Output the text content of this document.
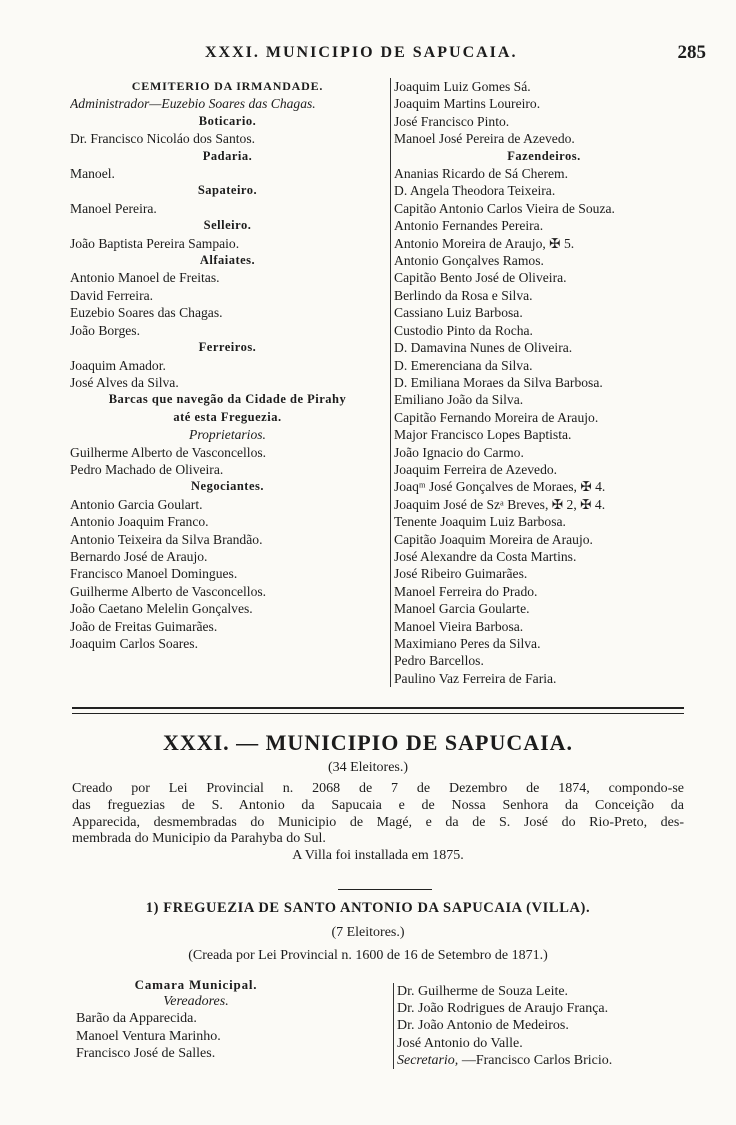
XXXI. MUNICIPIO DE SAPUCAIA.	285
CEMITERIO DA IRMANDADE.
Administrador—Euzebio Soares das Chagas.
Boticario.
Dr. Francisco Nicoláo dos Santos.
Padaria.
Manoel.
Sapateiro.
Manoel Pereira.
Selleiro.
João Baptista Pereira Sampaio.
Alfaiates.
Antonio Manoel de Freitas.
David Ferreira.
Euzebio Soares das Chagas.
João Borges.
Ferreiros.
Joaquim Amador.
José Alves da Silva.
Barcas que navegão da Cidade de Pirahy
até esta Freguezia.
Proprietarios.
Guilherme Alberto de Vasconcellos.
Pedro Machado de Oliveira.
Negociantes.
Antonio Garcia Goulart.
Antonio Joaquim Franco.
Antonio Teixeira da Silva Brandão.
Bernardo José de Araujo.
Francisco Manoel Domingues.
Guilherme Alberto de Vasconcellos.
João Caetano Melelin Gonçalves.
João de Freitas Guimarães.
Joaquim Carlos Soares.
Joaquim Luiz Gomes Sá.
Joaquim Martins Loureiro.
José Francisco Pinto.
Manoel José Pereira de Azevedo.
Fazendeiros.
Ananias Ricardo de Sá Cherem.
D. Angela Theodora Teixeira.
Capitão Antonio Carlos Vieira de Souza.
Antonio Fernandes Pereira.
Antonio Moreira de Araujo, ✠ 5.
Antonio Gonçalves Ramos.
Capitão Bento José de Oliveira.
Berlindo da Rosa e Silva.
Cassiano Luiz Barbosa.
Custodio Pinto da Rocha.
D. Damavina Nunes de Oliveira.
D. Emerenciana da Silva.
D. Emiliana Moraes da Silva Barbosa.
Emiliano João da Silva.
Capitão Fernando Moreira de Araujo.
Major Francisco Lopes Baptista.
João Ignacio do Carmo.
Joaquim Ferreira de Azevedo.
Joaqᵐ José Gonçalves de Moraes, ✠ 4.
Joaquim José de Szᵃ Breves, ✠ 2, ✠ 4.
Tenente Joaquim Luiz Barbosa.
Capitão Joaquim Moreira de Araujo.
José Alexandre da Costa Martins.
José Ribeiro Guimarães.
Manoel Ferreira do Prado.
Manoel Garcia Goularte.
Manoel Vieira Barbosa.
Maximiano Peres da Silva.
Pedro Barcellos.
Paulino Vaz Ferreira de Faria.
XXXI. — MUNICIPIO DE SAPUCAIA.
(34 Eleitores.)
Creado por Lei Provincial n. 2068 de 7 de Dezembro de 1874, compondo-se
das freguezias de S. Antonio da Sapucaia e de Nossa Senhora da Conceição da
Apparecida, desmembradas do Municipio de Magé, e da de S. José do Rio-Preto, des-
membrada do Municipio da Parahyba do Sul.
A Villa foi installada em 1875.
1) FREGUEZIA DE SANTO ANTONIO DA SAPUCAIA (VILLA).
(7 Eleitores.)
(Creada por Lei Provincial n. 1600 de 16 de Setembro de 1871.)
Camara Municipal.
Vereadores.
Barão da Apparecida.
Manoel Ventura Marinho.
Francisco José de Salles.
Dr. Guilherme de Souza Leite.
Dr. João Rodrigues de Araujo França.
Dr. João Antonio de Medeiros.
José Antonio do Valle.
Secretario, —Francisco Carlos Bricio.
